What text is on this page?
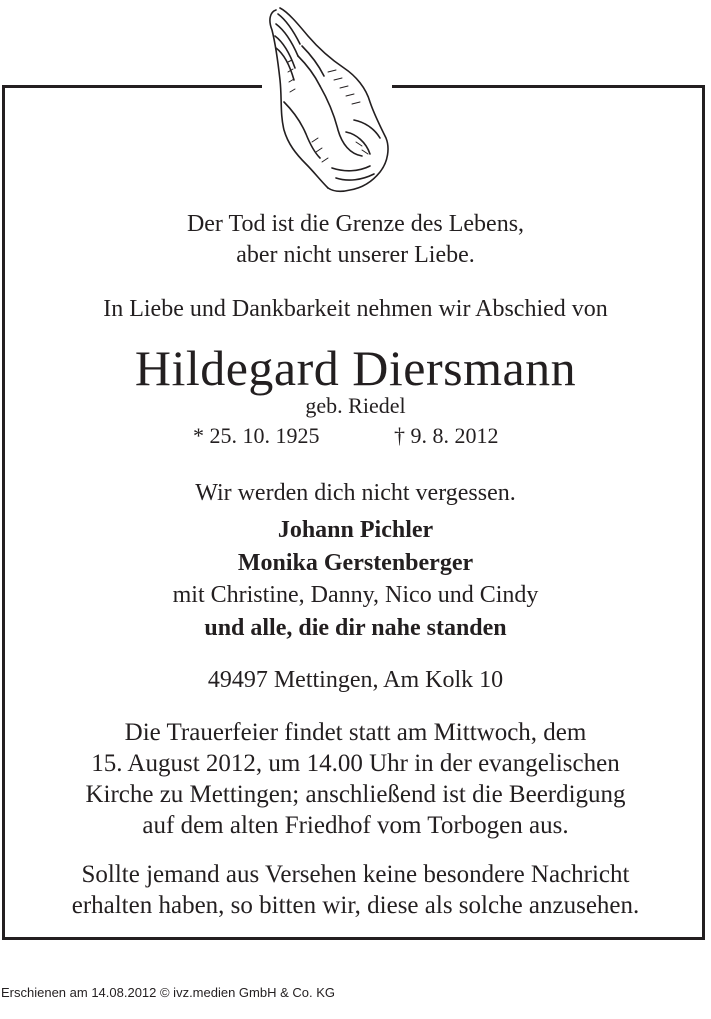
Der Tod ist die Grenze des Lebens,
aber nicht unserer Liebe.
In Liebe und Dankbarkeit nehmen wir Abschied von
Hildegard Diersmann
geb. Riedel
* 25. 10. 1925	† 9. 8. 2012
Wir werden dich nicht vergessen.
Johann Pichler
Monika Gerstenberger
mit Christine, Danny, Nico und Cindy
und alle, die dir nahe standen
49497 Mettingen, Am Kolk 10
Die Trauerfeier findet statt am Mittwoch, dem
15. August 2012, um 14.00 Uhr in der evangelischen
Kirche zu Mettingen; anschließend ist die Beerdigung
auf dem alten Friedhof vom Torbogen aus.
Sollte jemand aus Versehen keine besondere Nachricht
erhalten haben, so bitten wir, diese als solche anzusehen.
Erschienen am 14.08.2012 © ivz.medien GmbH & Co. KG
